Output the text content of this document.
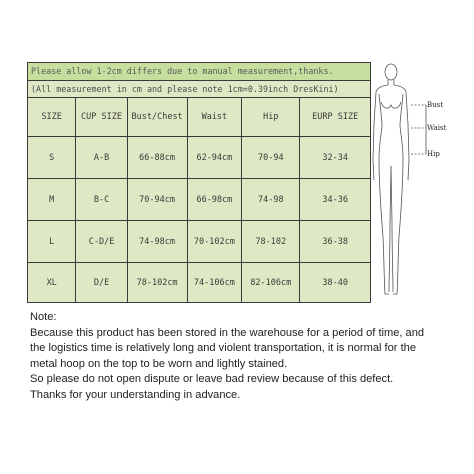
Please allow 1-2cm differs due to manual measurement,thanks.
(All measurement in cm and please note 1cm=0.39inch DresKini)
SIZE	CUP SIZE	Bust/Chest	Waist	Hip	EURP SIZE
S	A-B	66-88cm	62-94cm	70-94	32-34
M	B-C	70-94cm	66-98cm	74-98	34-36
L	C-D/E	74-98cm	70-102cm	78-102	36-38
XL	D/E	78-102cm	74-106cm	82-106cm	38-40
Bust
Waist
Hip
Note:
Because this product has been stored in the warehouse for a period of time, and
the logistics time is relatively long and violent transportation, it is normal for the
metal hoop on the top to be worn and lightly stained.
So please do not open dispute or leave bad review because of this defect.
Thanks for your understanding in advance.
